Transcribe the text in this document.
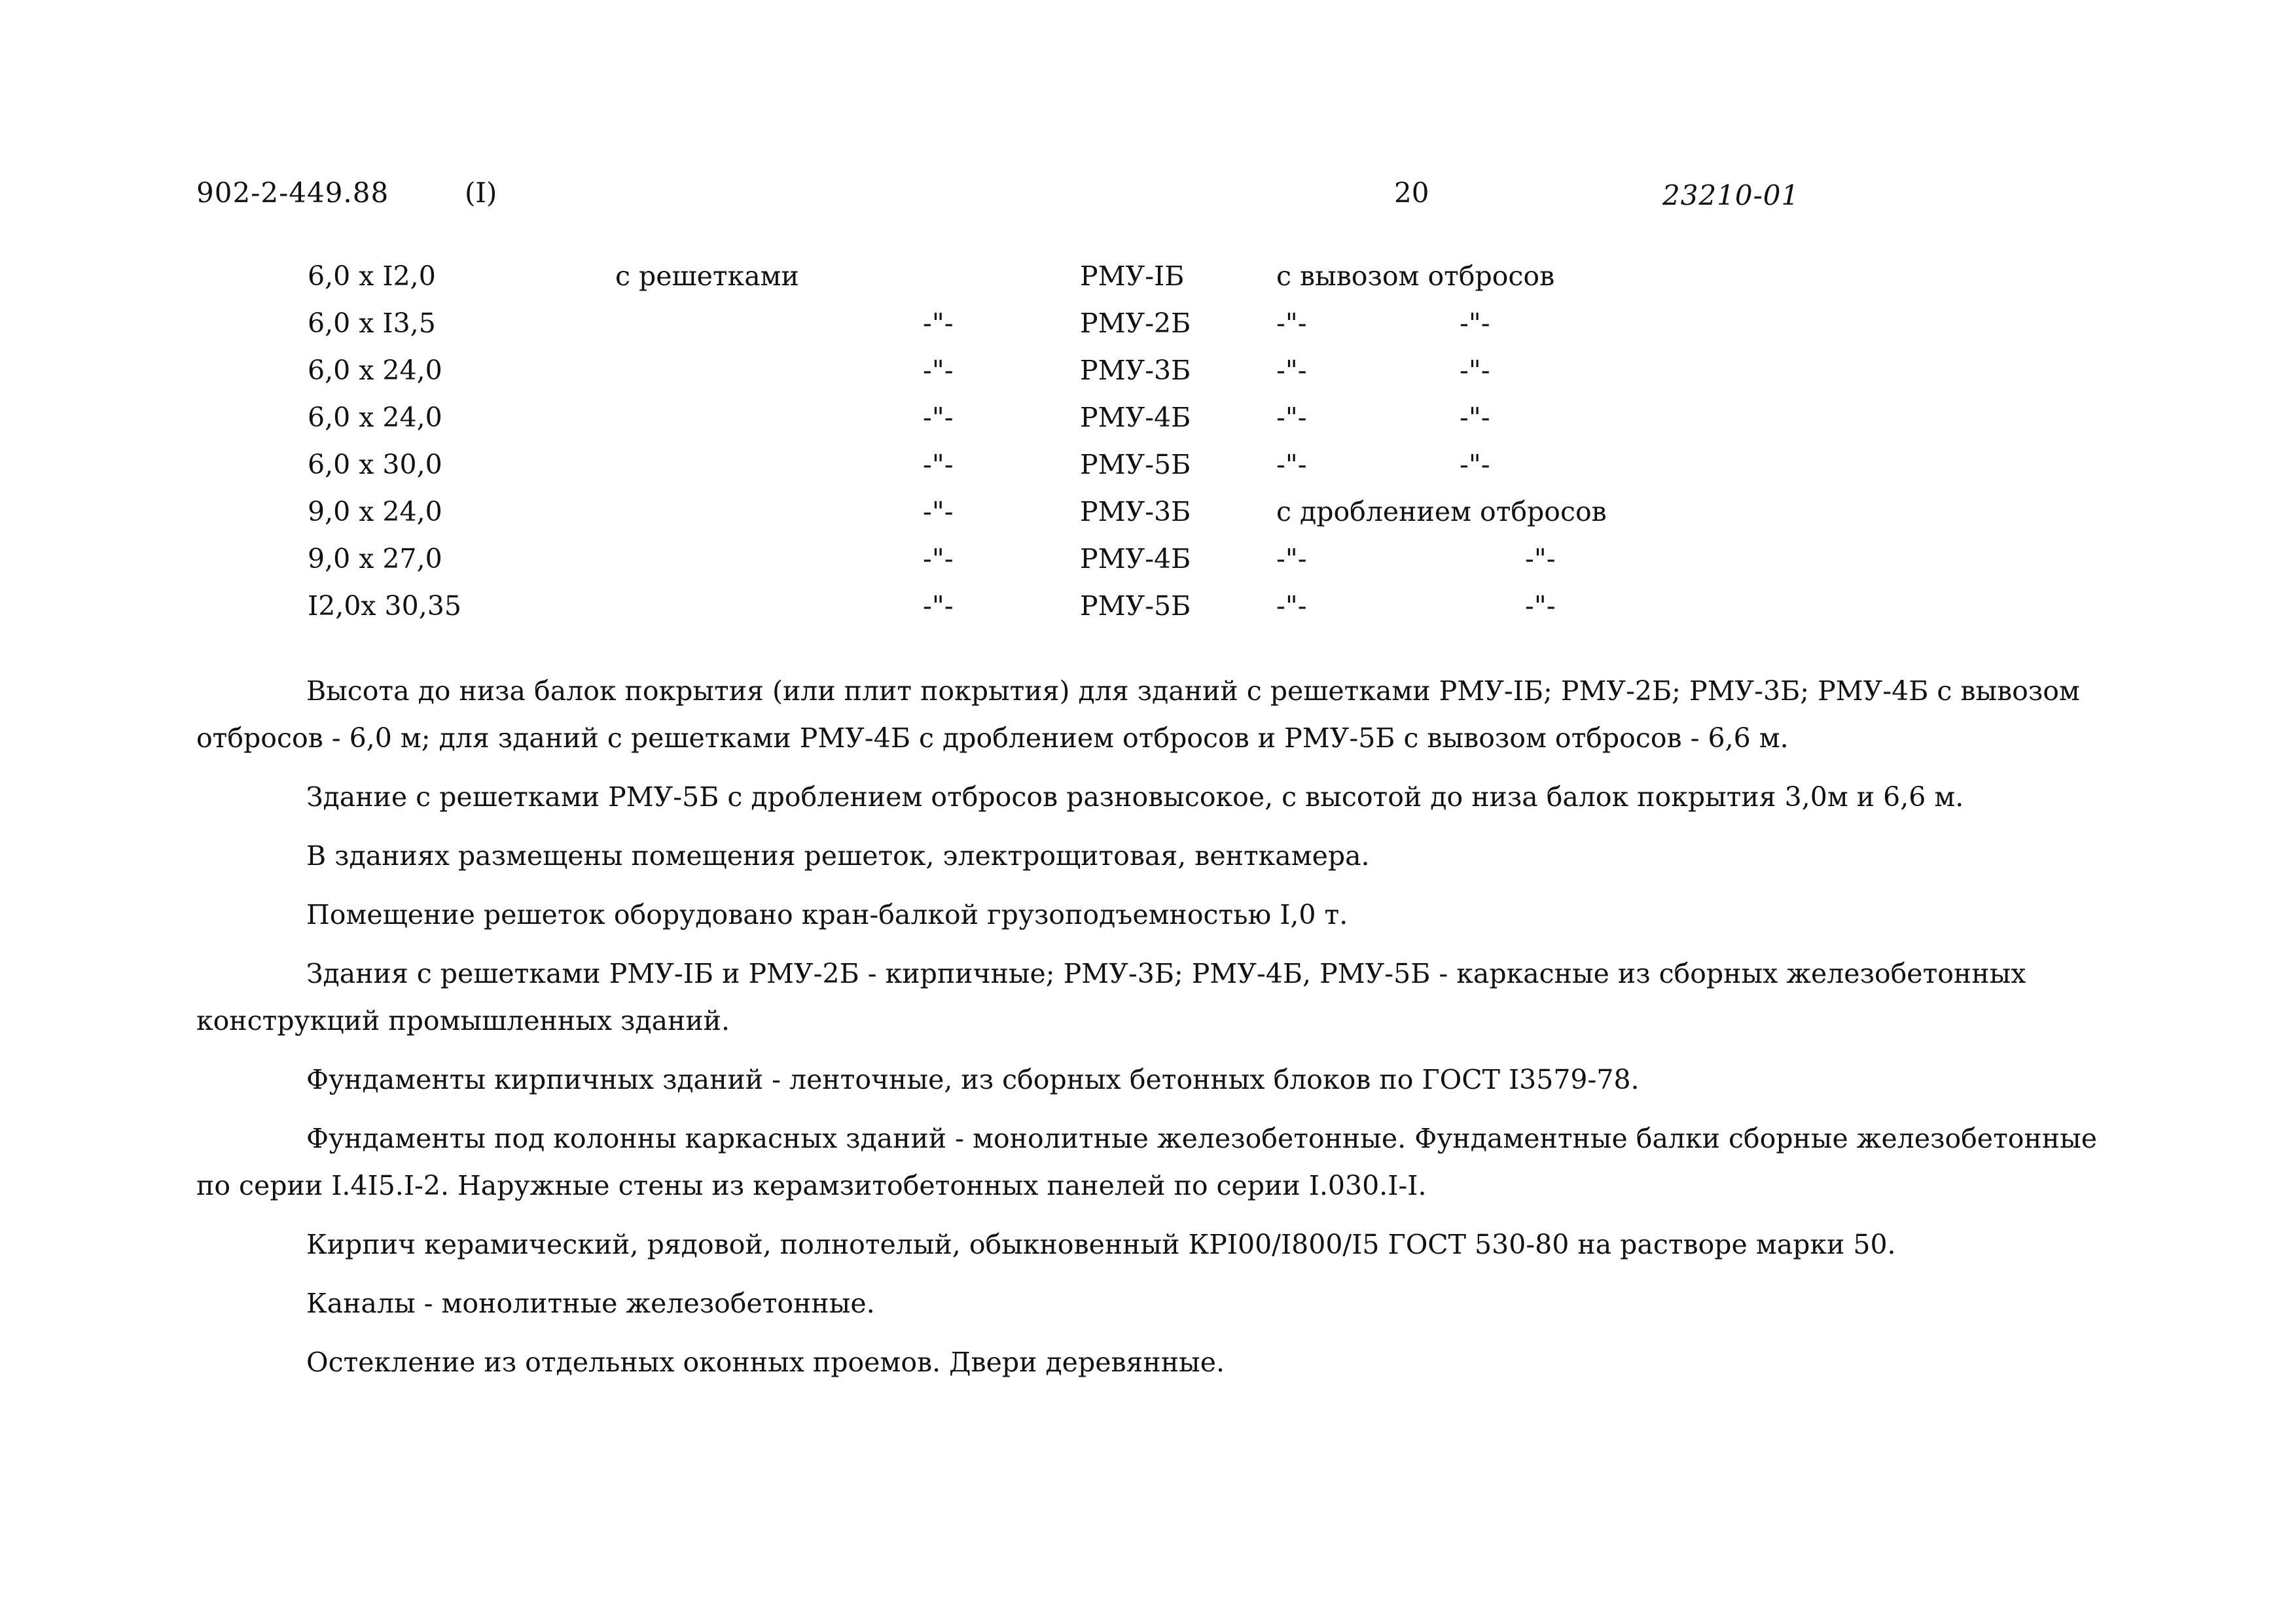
902-2-449.88	(I)	20	23210-01
6,0 x I2,0	с решетками	РМУ-IБ	с вывозом отбросов
6,0 x I3,5	-"-	РМУ-2Б	-"-	-"-
6,0 x 24,0	-"-	РМУ-3Б	-"-	-"-
6,0 x 24,0	-"-	РМУ-4Б	-"-	-"-
6,0 x 30,0	-"-	РМУ-5Б	-"-	-"-
9,0 x 24,0	-"-	РМУ-3Б	с дроблением отбросов
9,0 x 27,0	-"-	РМУ-4Б	-"-	-"-
I2,0x 30,35	-"-	РМУ-5Б	-"-	-"-

Высота до низа балок покрытия (или плит покрытия) для зданий с решетками РМУ-IБ; РМУ-2Б; РМУ-3Б; РМУ-4Б с вывозом отбросов - 6,0 м; для зданий с решетками РМУ-4Б с дроблением отбросов и РМУ-5Б с вывозом отбросов - 6,6 м.

Здание с решетками РМУ-5Б с дроблением отбросов разновысокое, с высотой до низа балок покрытия 3,0м и 6,6 м.

В зданиях размещены помещения решеток, электрощитовая, венткамера.

Помещение решеток оборудовано кран-балкой грузоподъемностью I,0 т.

Здания с решетками РМУ-IБ и РМУ-2Б - кирпичные; РМУ-3Б; РМУ-4Б, РМУ-5Б - каркасные из сборных железобетонных конструкций промышленных зданий.

Фундаменты кирпичных зданий - ленточные, из сборных бетонных блоков по ГОСТ I3579-78.

Фундаменты под колонны каркасных зданий - монолитные железобетонные. Фундаментные балки сборные железобетонные по серии I.4I5.I-2. Наружные стены из керамзитобетонных панелей по серии I.030.I-I.

Кирпич керамический, рядовой, полнотелый, обыкновенный КРI00/I800/I5 ГОСТ 530-80 на растворе марки 50.

Каналы - монолитные железобетонные.

Остекление из отдельных оконных проемов. Двери деревянные.
